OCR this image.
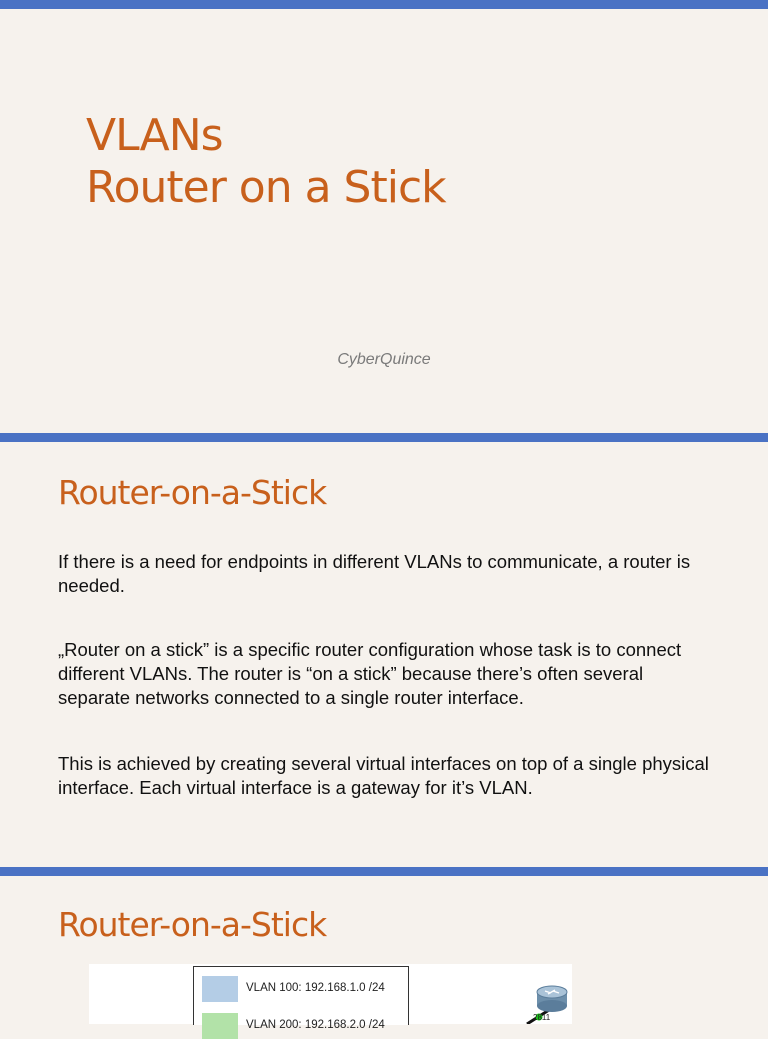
VLANs
Router on a Stick
CyberQuince
Router-on-a-Stick
If there is a need for endpoints in different VLANs to communicate, a router is needed.
„Router on a stick” is a specific router configuration whose task is to connect different VLANs. The router is “on a stick” because there’s often several separate networks connected to a single router interface.
This is achieved by creating several virtual interfaces on top of a single physical interface. Each virtual interface is a gateway for it’s VLAN.
Router-on-a-Stick
VLAN 100: 192.168.1.0 /24
VLAN 200: 192.168.2.0 /24
2811
